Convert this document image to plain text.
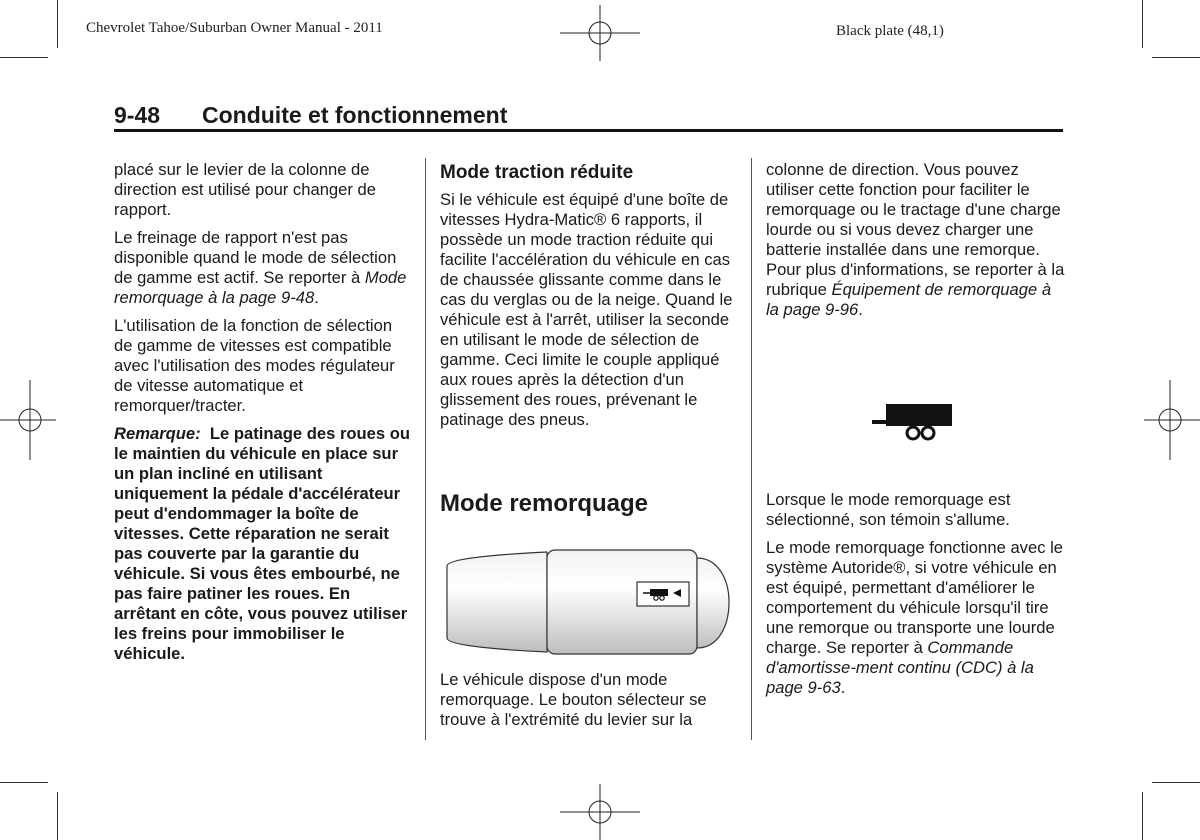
Chevrolet Tahoe/Suburban Owner Manual - 2011	Black plate (48,1)
9-48 Conduite et fonctionnement

placé sur le levier de la colonne de direction est utilisé pour changer de rapport.

Le freinage de rapport n'est pas disponible quand le mode de sélection de gamme est actif. Se reporter à Mode remorquage à la page 9-48.

L'utilisation de la fonction de sélection de gamme de vitesses est compatible avec l'utilisation des modes régulateur de vitesse automatique et remorquer/tracter.

Remarque: Le patinage des roues ou le maintien du véhicule en place sur un plan incliné en utilisant uniquement la pédale d'accélérateur peut d'endommager la boîte de vitesses. Cette réparation ne serait pas couverte par la garantie du véhicule. Si vous êtes embourbé, ne pas faire patiner les roues. En arrêtant en côte, vous pouvez utiliser les freins pour immobiliser le véhicule.

Mode traction réduite

Si le véhicule est équipé d'une boîte de vitesses Hydra-Matic® 6 rapports, il possède un mode traction réduite qui facilite l'accélération du véhicule en cas de chaussée glissante comme dans le cas du verglas ou de la neige. Quand le véhicule est à l'arrêt, utiliser la seconde en utilisant le mode de sélection de gamme. Ceci limite le couple appliqué aux roues après la détection d'un glissement des roues, prévenant le patinage des pneus.

Mode remorquage

Le véhicule dispose d'un mode remorquage. Le bouton sélecteur se trouve à l'extrémité du levier sur la

colonne de direction. Vous pouvez utiliser cette fonction pour faciliter le remorquage ou le tractage d'une charge lourde ou si vous devez charger une batterie installée dans une remorque. Pour plus d'informations, se reporter à la rubrique Équipement de remorquage à la page 9-96.

Lorsque le mode remorquage est sélectionné, son témoin s'allume.

Le mode remorquage fonctionne avec le système Autoride®, si votre véhicule en est équipé, permettant d'améliorer le comportement du véhicule lorsqu'il tire une remorque ou transporte une lourde charge. Se reporter à Commande d'amortisse-ment continu (CDC) à la page 9-63.
